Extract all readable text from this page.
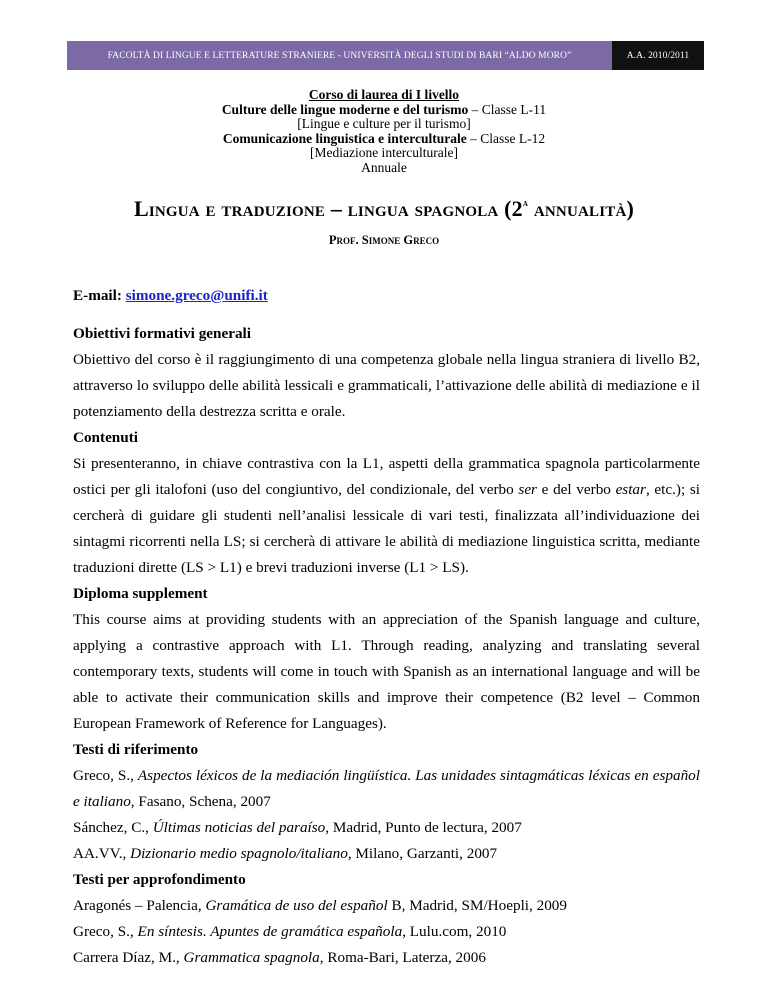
FACOLTÀ DI LINGUE E LETTERATURE STRANIERE - UNIVERSITÀ DEGLI STUDI DI BARI “ALDO MORO”	A.A. 2010/2011
Corso di laurea di I livello
Culture delle lingue moderne e del turismo – Classe L-11
[Lingue e culture per il turismo]
Comunicazione linguistica e interculturale – Classe L-12
[Mediazione interculturale]
Annuale
Lingua e traduzione – lingua spagnola (2$^a$ annualità)
Prof. Simone Greco

E-mail: simone.greco@unifi.it

Obiettivi formativi generali

Obiettivo del corso è il raggiungimento di una competenza globale nella lingua straniera di livello B2, attraverso lo sviluppo delle abilità lessicali e grammaticali, l’attivazione delle abilità di mediazione e il potenziamento della destrezza scritta e orale.

Contenuti

Si presenteranno, in chiave contrastiva con la L1, aspetti della grammatica spagnola particolarmente ostici per gli italofoni (uso del congiuntivo, del condizionale, del verbo ser e del verbo estar, etc.); si cercherà di guidare gli studenti nell’analisi lessicale di vari testi, finalizzata all’individuazione dei sintagmi ricorrenti nella LS; si cercherà di attivare le abilità di mediazione linguistica scritta, mediante traduzioni dirette (LS > L1) e brevi traduzioni inverse (L1 > LS).

Diploma supplement

This course aims at providing students with an appreciation of the Spanish language and culture, applying a contrastive approach with L1. Through reading, analyzing and translating several contemporary texts, students will come in touch with Spanish as an international language and will be able to activate their communication skills and improve their competence (B2 level – Common European Framework of Reference for Languages).

Testi di riferimento

Greco, S., Aspectos léxicos de la mediación lingüística. Las unidades sintagmáticas léxicas en español e italiano, Fasano, Schena, 2007

Sánchez, C., Últimas noticias del paraíso, Madrid, Punto de lectura, 2007

AA.VV., Dizionario medio spagnolo/italiano, Milano, Garzanti, 2007

Testi per approfondimento

Aragonés – Palencia, Gramática de uso del español B, Madrid, SM/Hoepli, 2009

Greco, S., En síntesis. Apuntes de gramática española, Lulu.com, 2010

Carrera Díaz, M., Grammatica spagnola, Roma-Bari, Laterza, 2006
